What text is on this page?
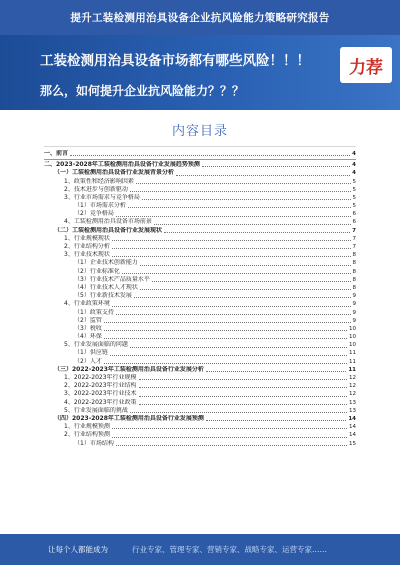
提升工装检测用治具设备企业抗风险能力策略研究报告
工装检测用治具设备市场都有哪些风险！！！
那么，如何提升企业抗风险能力？？？
力荐
内容目录
一、前言	4
二、2023-2028年工装检测用治具设备行业发展趋势预测	4
（一）工装检测用治具设备行业发展背景分析	4
1、政策性和经济影响因素	5
2、技术进步与创新驱动	5
3、行业市场需求与竞争格局	5
（1）市场需求分析	5
（2）竞争格局	6
4、工装检测用治具设备市场前景	6
（二）工装检测用治具设备行业发展现状	7
1、行业规模现状	7
2、行业结构分析	7
3、行业技术现状	8
（1）企业技术创新能力	8
（2）行业标准化	8
（3）行业技术产品质量水平	8
（4）行业技术人才现状	8
（5）行业新技术发展	9
4、行业政策环境	9
（1）政策支持	9
（2）监管	9
（3）税收	10
（4）环保	10
5、行业发展面临的问题	10
（1）供应链	11
（2）人才	11
（三）2022-2023年工装检测用治具设备行业发展分析	11
1、2022-2023年行业规模	12
2、2022-2023年行业结构	12
3、2022-2023年行业技术	12
4、2022-2023年行业政策	13
5、行业发展面临的挑战	13
（四）2023-2028年工装检测用治具设备行业发展预测	14
1、行业规模预测	14
2、行业结构预测	14
（1）市场结构	15
让每个人都能成为	行业专家、管理专家、营销专家、战略专家、运营专家……
